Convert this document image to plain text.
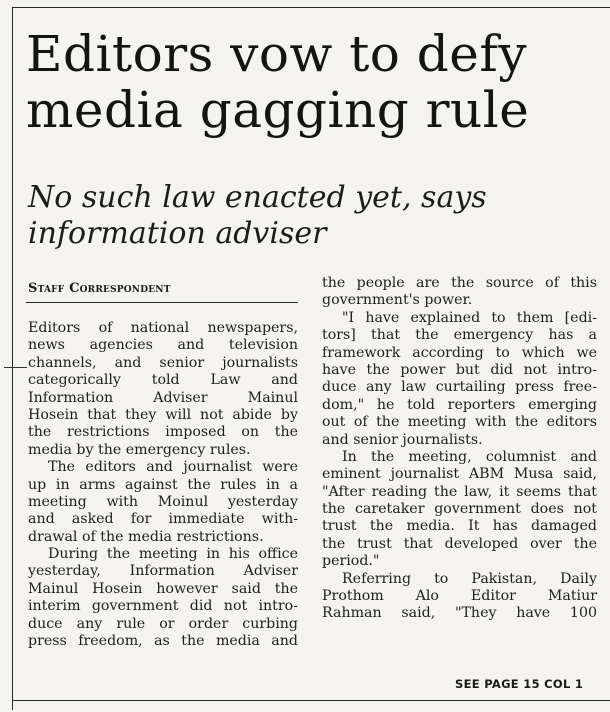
Editors vow to defy
media gagging rule
No such law enacted yet, says
information adviser
Staff Correspondent
Editors of national newspapers,
news agencies and television
channels, and senior journalists
categorically told Law and
Information Adviser Mainul
Hosein that they will not abide by
the restrictions imposed on the
media by the emergency rules.
The editors and journalist were
up in arms against the rules in a
meeting with Moinul yesterday
and asked for immediate with-
drawal of the media restrictions.
During the meeting in his office
yesterday, Information Adviser
Mainul Hosein however said the
interim government did not intro-
duce any rule or order curbing
press freedom, as the media and
the people are the source of this
government's power.
"I have explained to them [edi-
tors] that the emergency has a
framework according to which we
have the power but did not intro-
duce any law curtailing press free-
dom," he told reporters emerging
out of the meeting with the editors
and senior journalists.
In the meeting, columnist and
eminent journalist ABM Musa said,
"After reading the law, it seems that
the caretaker government does not
trust the media. It has damaged
the trust that developed over the
period."
Referring to Pakistan, Daily
Prothom Alo Editor Matiur
Rahman said, "They have 100
SEE PAGE 15 COL 1
